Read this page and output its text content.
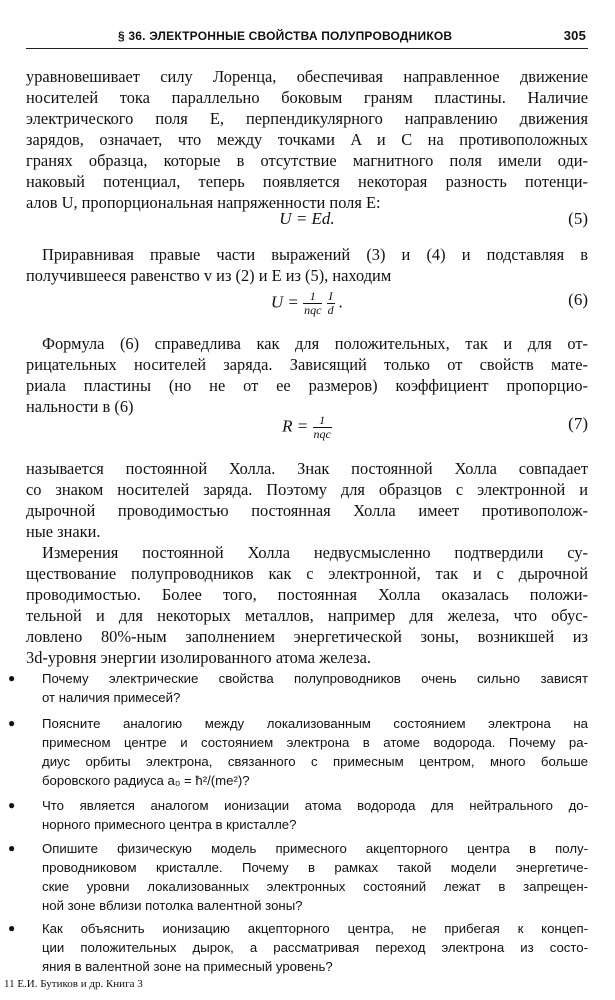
§ 36. ЭЛЕКТРОННЫЕ СВОЙСТВА ПОЛУПРОВОДНИКОВ	305
уравновешивает силу Лоренца, обеспечивая направленное движение
носителей тока параллельно боковым граням пластины. Наличие
электрического поля E, перпендикулярного направлению движения
зарядов, означает, что между точками A и C на противоположных
гранях образца, которые в отсутствие магнитного поля имели оди-
наковый потенциал, теперь появляется некоторая разность потенци-
алов U, пропорциональная напряженности поля E:
U = Ed.	(5)
Приравнивая правые части выражений (3) и (4) и подставляя в
получившееся равенство v из (2) и E из (5), находим
$U = \frac{1}{\text{nqc}}$
$\frac{I}{d}$ .	(6)
Формула (6) справедлива как для положительных, так и для от-
рицательных носителей заряда. Зависящий только от свойств мате-
риала пластины (но не от ее размеров) коэффициент пропорцио-
нальности в (6)
$R = \frac{1}{\text{nqc}}$	(7)
называется постоянной Холла. Знак постоянной Холла совпадает
со знаком носителей заряда. Поэтому для образцов с электронной и
дырочной проводимостью постоянная Холла имеет противополож-
ные знаки.
Измерения постоянной Холла недвусмысленно подтвердили су-
ществование полупроводников как с электронной, так и с дырочной
проводимостью. Более того, постоянная Холла оказалась положи-
тельной и для некоторых металлов, например для железа, что обус-
ловлено 80%-ным заполнением энергетической зоны, возникшей из
3d-уровня энергии изолированного атома железа.
● Почему электрические свойства полупроводников очень сильно зависят
от наличия примесей?
● Поясните аналогию между локализованным состоянием электрона на
примесном центре и состоянием электрона в атоме водорода. Почему ра-
диус орбиты электрона, связанного с примесным центром, много больше
боровского радиуса a₀ = ħ²/(me²)?
● Что является аналогом ионизации атома водорода для нейтрального до-
норного примесного центра в кристалле?
● Опишите физическую модель примесного акцепторного центра в полу-
проводниковом кристалле. Почему в рамках такой модели энергетиче-
ские уровни локализованных электронных состояний лежат в запрещен-
ной зоне вблизи потолка валентной зоны?
● Как объяснить ионизацию акцепторного центра, не прибегая к концеп-
ции положительных дырок, а рассматривая переход электрона из состо-
яния в валентной зоне на примесный уровень?
11 Е.И. Бутиков и др. Книга 3
